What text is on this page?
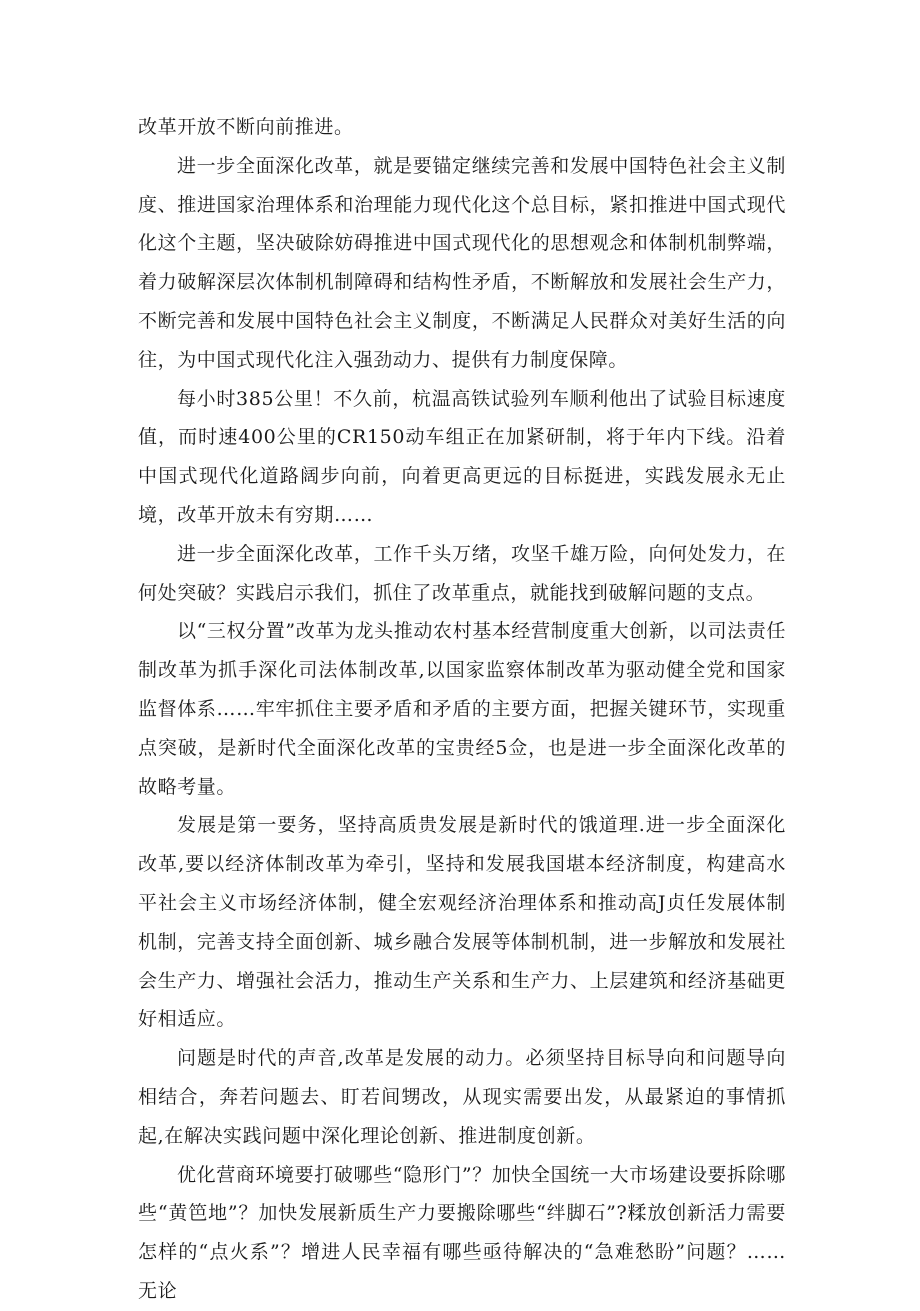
改革开放不断向前推进。

进一步全面深化改革，就是要锚定继续完善和发展中国特色社会主义制度、推进国家治理体系和治理能力现代化这个总目标，紧扣推进中国式现代化这个主题，坚决破除妨碍推进中国式现代化的思想观念和体制机制弊端，着力破解深层次体制机制障碍和结构性矛盾，不断解放和发展社会生产力，不断完善和发展中国特色社会主义制度，不断满足人民群众对美好生活的向往，为中国式现代化注入强劲动力、提供有力制度保障。

每小时385公里！不久前，杭温高铁试验列车顺利他出了试验目标速度值，而时速400公里的CR150动车组正在加紧研制，将于年内下线。沿着中国式现代化道路阔步向前，向着更高更远的目标挺进，实践发展永无止境，改革开放未有穷期……

进一步全面深化改革，工作千头万绪，攻坚千雄万险，向何处发力，在何处突破？实践启示我们，抓住了改革重点，就能找到破解问题的支点。

以“三权分置”改革为龙头推动农村基本经营制度重大创新，以司法责任制改革为抓手深化司法体制改革,以国家监察体制改革为驱动健全党和国家监督体系……牢牢抓住主要矛盾和矛盾的主要方面，把握关键环节，实现重点突破，是新时代全面深化改革的宝贵经5佥，也是进一步全面深化改革的故略考量。

发展是第一要务，坚持高质贵发展是新时代的饿道理.进一步全面深化改革,要以经济体制改革为牵引，坚持和发展我国堪本经济制度，构建高水平社会主义市场经济体制，健全宏观经济治理体系和推动高J贞任发展体制机制，完善支持全面创新、城乡融合发展等体制机制，进一步解放和发展社会生产力、增强社会活力，推动生产关系和生产力、上层建筑和经济基础更好相适应。

问题是时代的声音,改革是发展的动力。必须坚持目标导向和问题导向相结合，奔若问题去、盯若间甥改，从现实需要出发，从最紧迫的事情抓起,在解决实践问题中深化理论创新、推进制度创新。

优化营商环境要打破哪些“隐形门”？加快全国统一大市场建设要拆除哪些“黄笆地”？加快发展新质生产力要搬除哪些“绊脚石”?糅放创新活力需要怎样的“点火系”？增进人民幸福有哪些亟待解决的“急难愁盼”问题？……无论
